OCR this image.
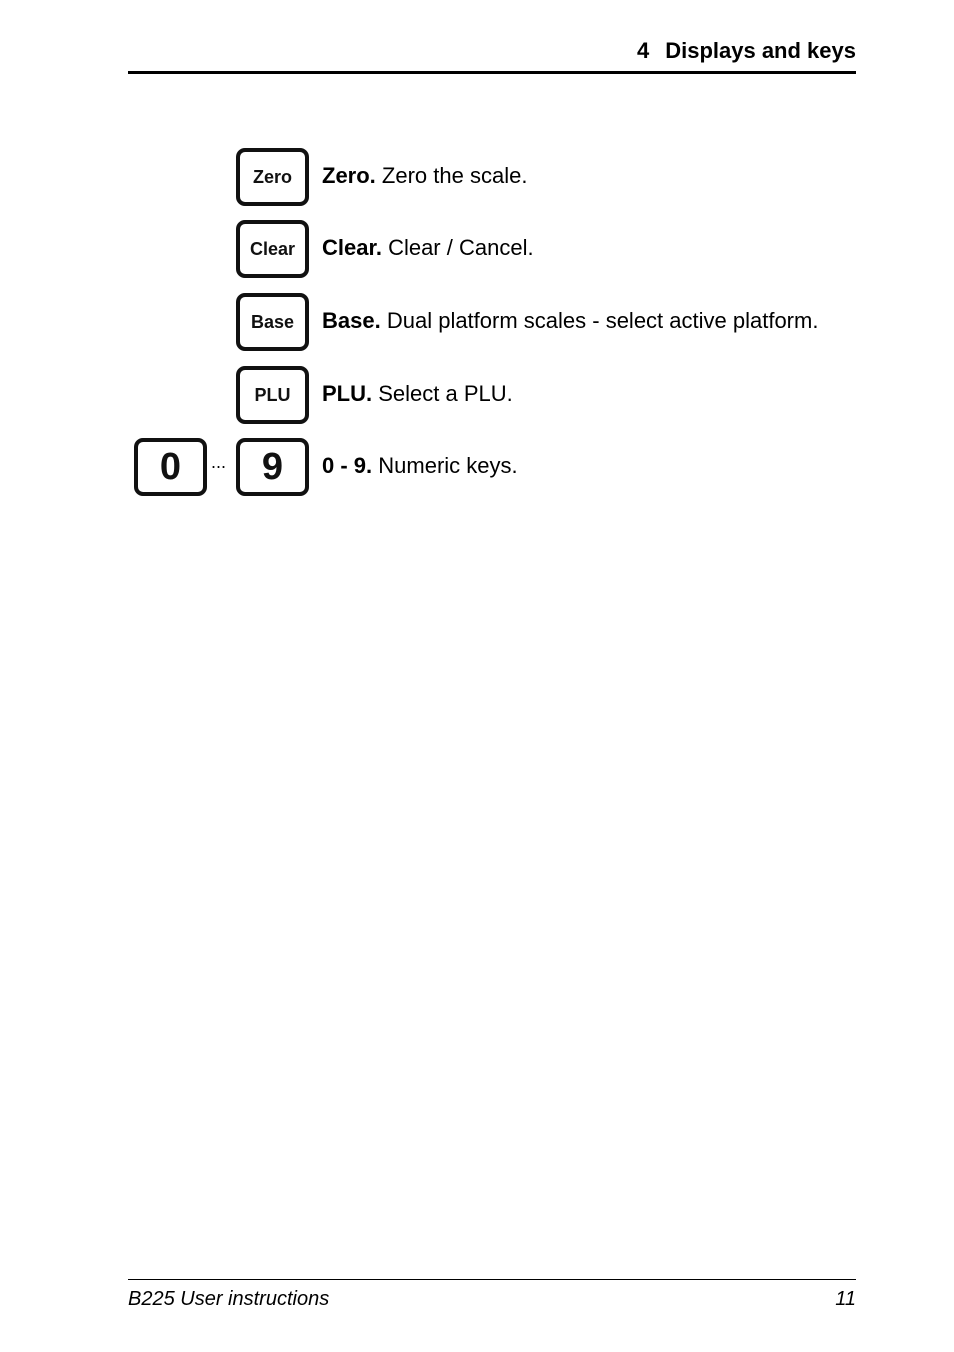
4 Displays and keys
Zero	Zero. Zero the scale.
Clear	Clear. Clear / Cancel.
Base	Base. Dual platform scales - select active platform.
PLU	PLU. Select a PLU.
0	... 9	0 - 9. Numeric keys.
B225 User instructions	11
